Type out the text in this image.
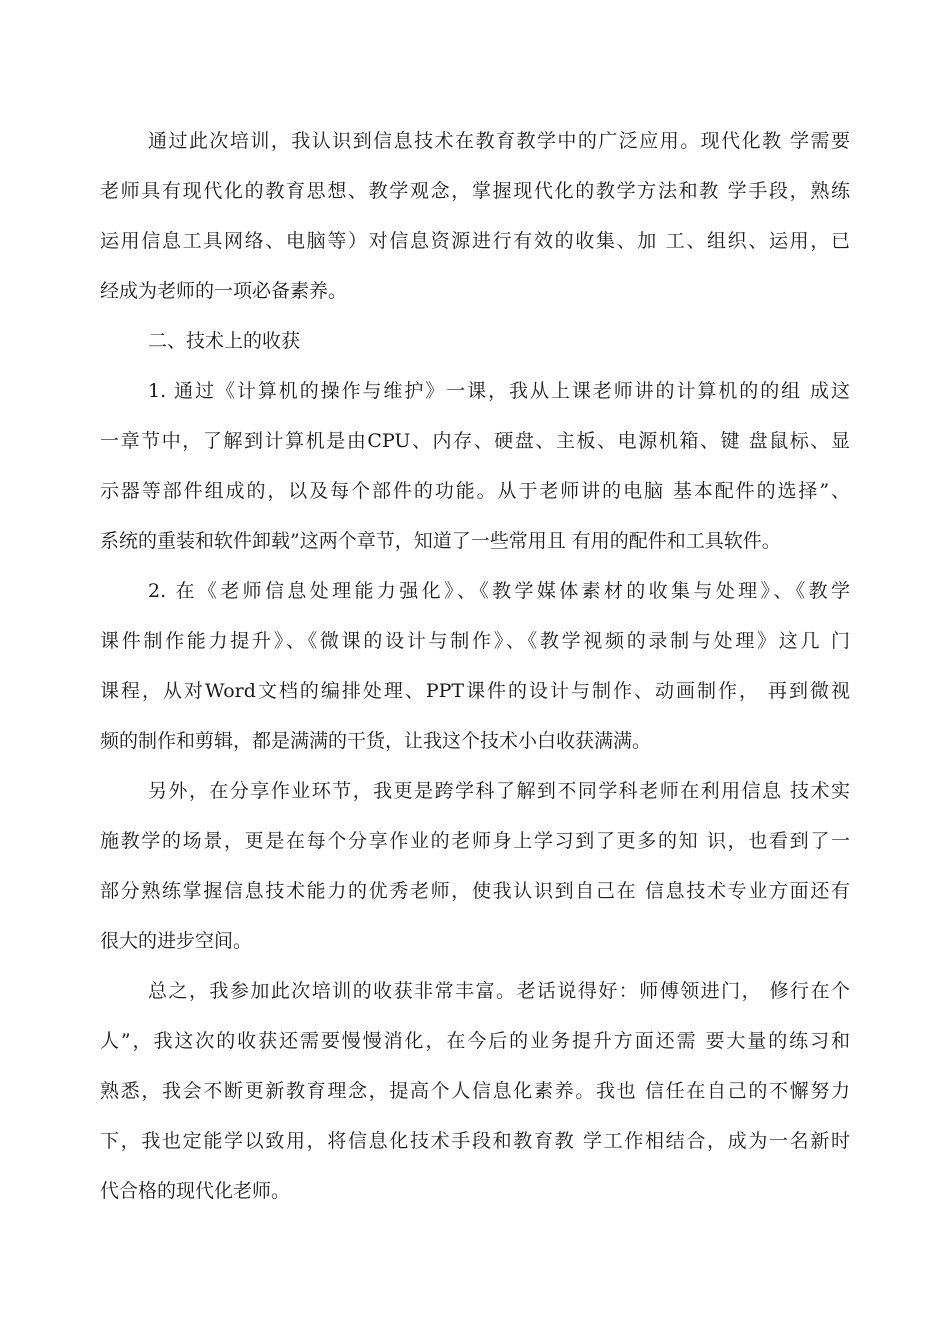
通过此次培训，我认识到信息技术在教育教学中的广泛应用。现代化教 学需要
老师具有现代化的教育思想、教学观念，掌握现代化的教学方法和教 学手段，熟练
运用信息工具网络、电脑等）对信息资源进行有效的收集、加 工、组织、运用，已
经成为老师的一项必备素养。
二、技术上的收获
1. 通过《计算机的操作与维护》一课，我从上课老师讲的计算机的的组 成这
一章节中，了解到计算机是由CPU、内存、硬盘、主板、电源机箱、键 盘鼠标、显
示器等部件组成的，以及每个部件的功能。从于老师讲的电脑 基本配件的选择”、
系统的重装和软件卸载”这两个章节，知道了一些常用且 有用的配件和工具软件。
2. 在《老师信息处理能力强化》、《教学媒体素材的收集与处理》、《教学
课件制作能力提升》、《微课的设计与制作》、《教学视频的录制与处理》这几 门
课程，从对Word文档的编排处理、PPT课件的设计与制作、动画制作， 再到微视
频的制作和剪辑，都是满满的干货，让我这个技术小白收获满满。
另外，在分享作业环节，我更是跨学科了解到不同学科老师在利用信息 技术实
施教学的场景，更是在每个分享作业的老师身上学习到了更多的知 识，也看到了一
部分熟练掌握信息技术能力的优秀老师，使我认识到自己在 信息技术专业方面还有
很大的进步空间。
总之，我参加此次培训的收获非常丰富。老话说得好：师傅领进门， 修行在个
人”，我这次的收获还需要慢慢消化，在今后的业务提升方面还需 要大量的练习和
熟悉，我会不断更新教育理念，提高个人信息化素养。我也 信任在自己的不懈努力
下，我也定能学以致用，将信息化技术手段和教育教 学工作相结合，成为一名新时
代合格的现代化老师。
